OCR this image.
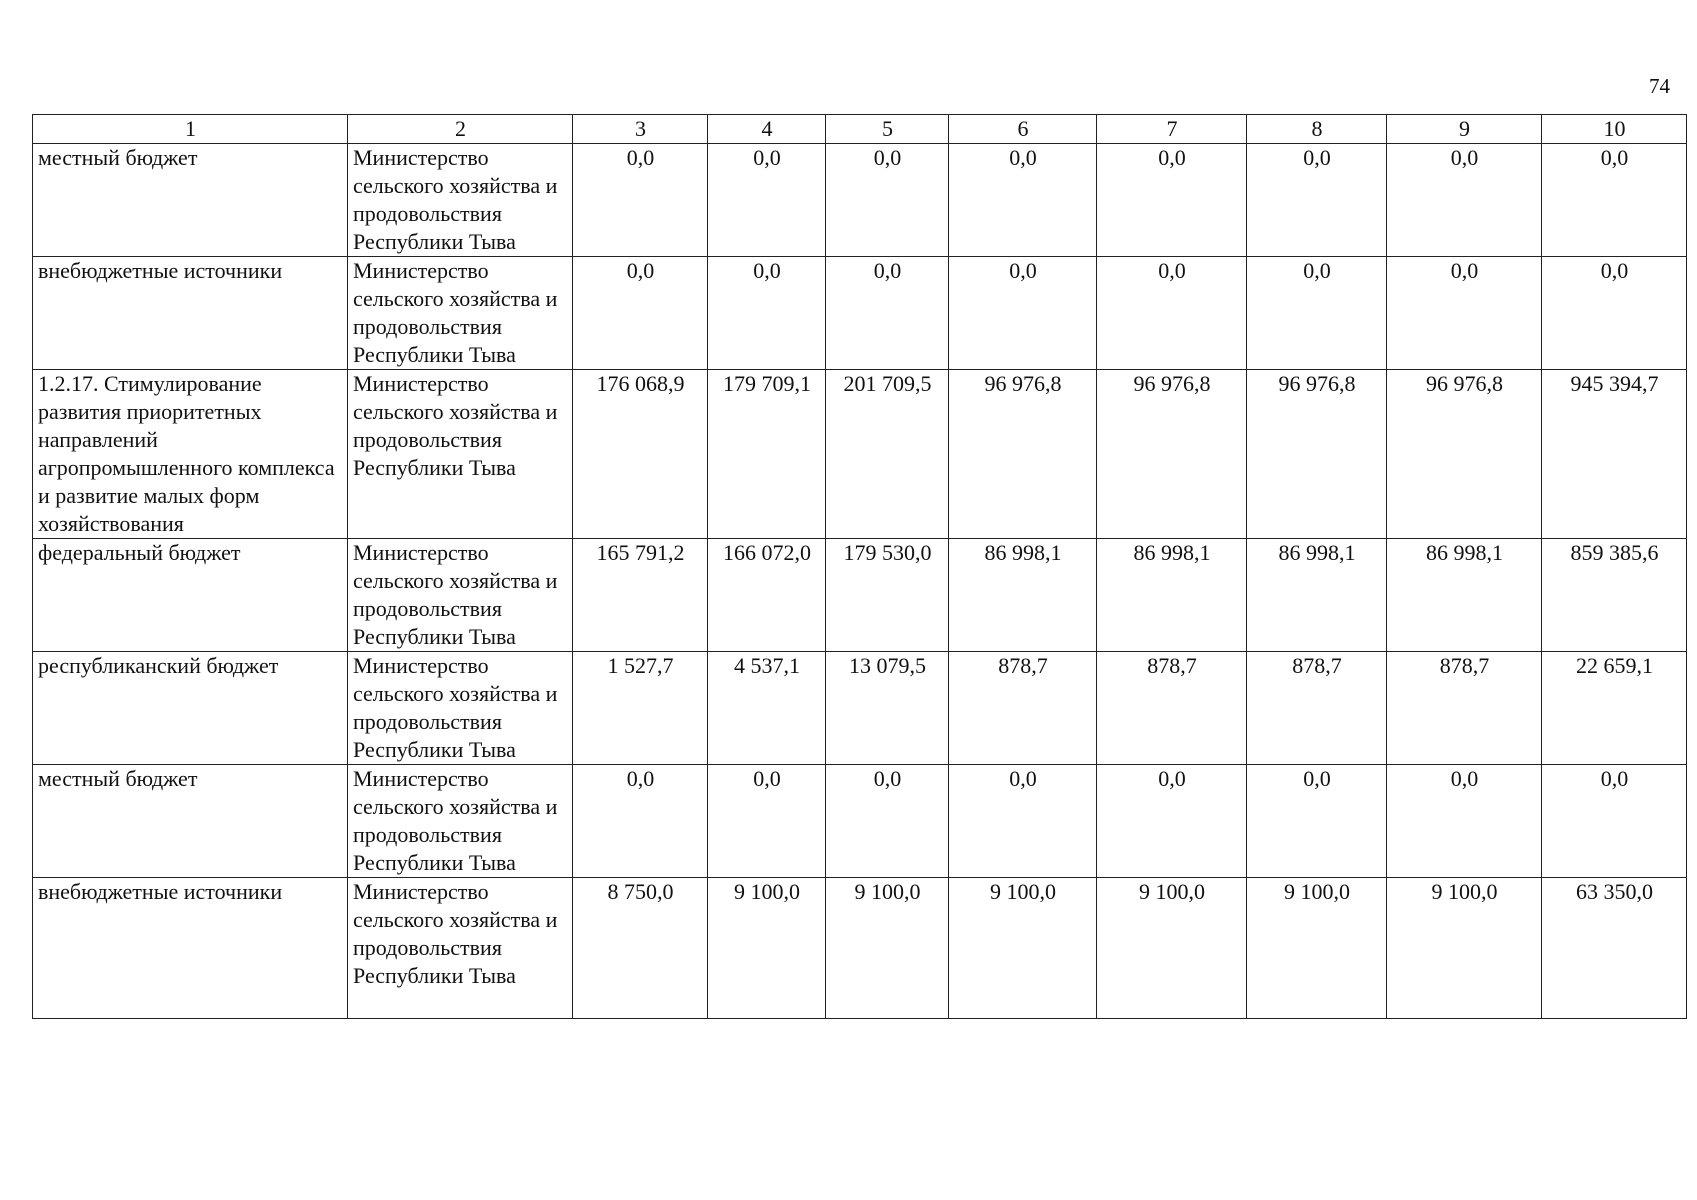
74
1	2	3	4	5	6	7	8	9	10
местный бюджет	Министерство сельского хозяйства и продовольствия Республики Тыва	0,0	0,0	0,0	0,0	0,0	0,0	0,0	0,0
внебюджетные источники	Министерство сельского хозяйства и продовольствия Республики Тыва	0,0	0,0	0,0	0,0	0,0	0,0	0,0	0,0
1.2.17. Стимулирование развития приоритетных направлений агропромышленного комплекса и развитие малых форм хозяйствования	Министерство сельского хозяйства и продовольствия Республики Тыва	176 068,9	179 709,1	201 709,5	96 976,8	96 976,8	96 976,8	96 976,8	945 394,7
федеральный бюджет	Министерство сельского хозяйства и продовольствия Республики Тыва	165 791,2	166 072,0	179 530,0	86 998,1	86 998,1	86 998,1	86 998,1	859 385,6
республиканский бюджет	Министерство сельского хозяйства и продовольствия Республики Тыва	1 527,7	4 537,1	13 079,5	878,7	878,7	878,7	878,7	22 659,1
местный бюджет	Министерство сельского хозяйства и продовольствия Республики Тыва	0,0	0,0	0,0	0,0	0,0	0,0	0,0	0,0
внебюджетные источники	Министерство сельского хозяйства и продовольствия Республики Тыва	8 750,0	9 100,0	9 100,0	9 100,0	9 100,0	9 100,0	9 100,0	63 350,0
